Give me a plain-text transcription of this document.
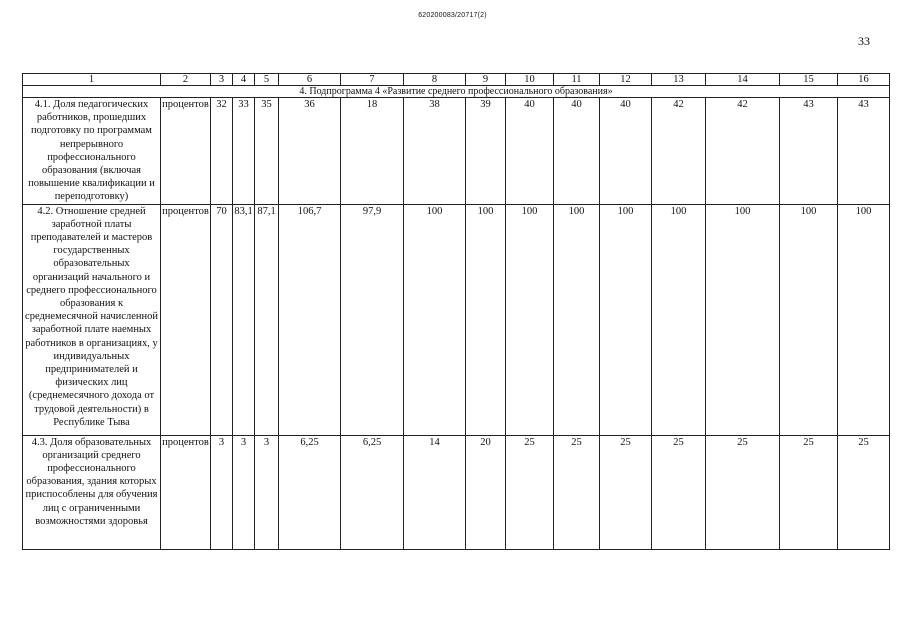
620200083/20717(2)
33
1	2	3	4	5	6	7	8	9	10	11	12	13	14	15	16
4. Подпрограмма 4 «Развитие среднего профессионального образования»															
4.1. Доля педагогических работников, прошедших подготовку по программам непрерывного профессионального образования (включая повышение квалификации и переподготовку)	процентов	32	33	35	36	18	38	39	40	40	40	42	42	43	43
4.2. Отношение средней заработной платы преподавателей и мастеров государственных образовательных организаций начального и среднего профессионального образования к среднемесячной начисленной заработной плате наемных работников в организациях, у индивидуальных предпринимателей и физических лиц (среднемесячного дохода от трудовой деятельности) в Республике Тыва	процентов	70	83,1	87,1	106,7	97,9	100	100	100	100	100	100	100	100	100
4.3. Доля образовательных организаций среднего профессионального образования, здания которых приспособлены для обучения лиц с ограниченными возможностями здоровья	процентов	3	3	3	6,25	6,25	14	20	25	25	25	25	25	25	25
